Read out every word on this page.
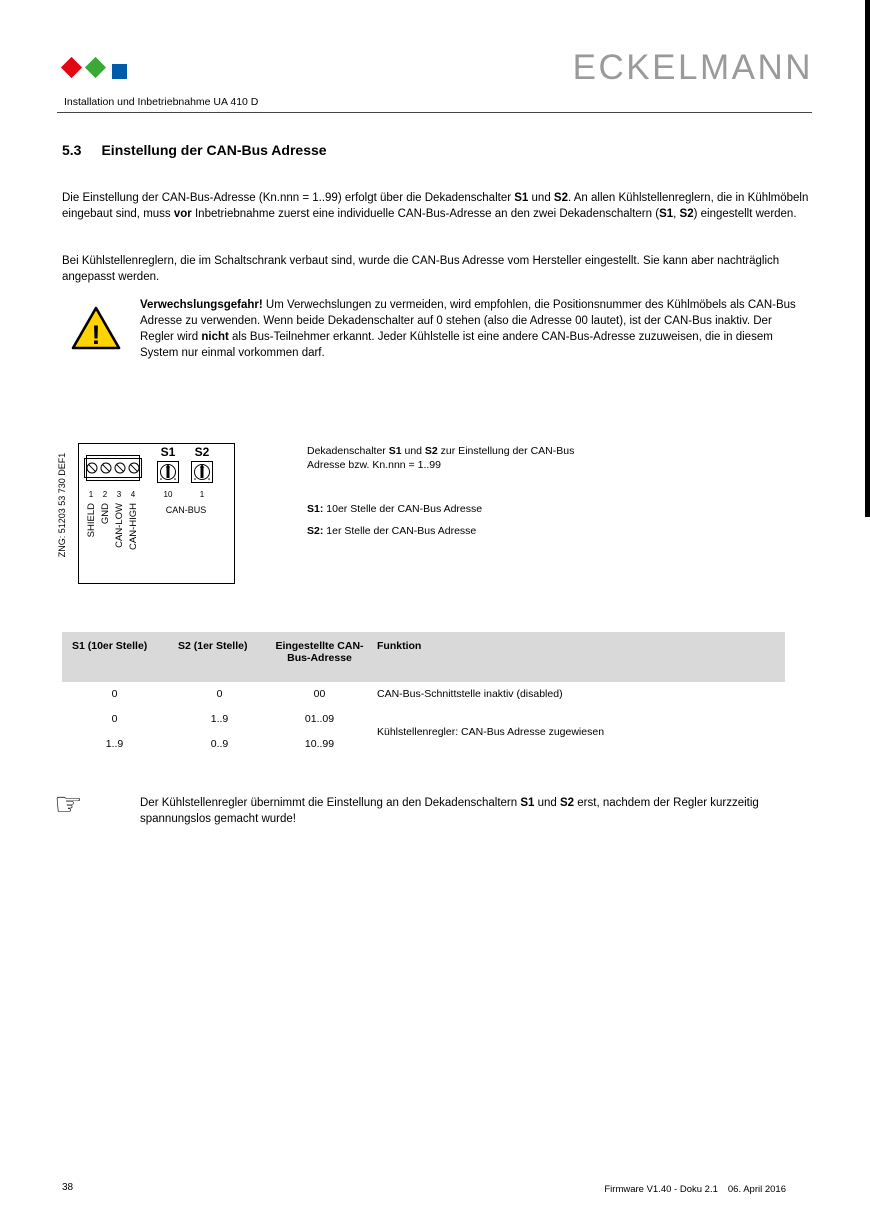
ECKELMANN
Installation und Inbetriebnahme UA 410 D
5.3 Einstellung der CAN-Bus Adresse

Die Einstellung der CAN-Bus-Adresse (Kn.nnn = 1..99) erfolgt über die Dekadenschalter S1 und S2. An allen Kühlstellenreglern, die in Kühlmöbeln eingebaut sind, muss vor Inbetriebnahme zuerst eine individuelle CAN-Bus-Adresse an den zwei Dekadenschaltern (S1, S2) eingestellt werden.

Bei Kühlstellenreglern, die im Schaltschrank verbaut sind, wurde die CAN-Bus Adresse vom Hersteller eingestellt. Sie kann aber nachträglich angepasst werden.

!

Verwechslungsgefahr! Um Verwechslungen zu vermeiden, wird empfohlen, die Positionsnummer des Kühlmöbels als CAN-Bus Adresse zu verwenden. Wenn beide Dekadenschalter auf 0 stehen (also die Adresse 00 lautet), ist der CAN-Bus inaktiv. Der Regler wird nicht als Bus-Teilnehmer erkannt. Jeder Kühlstelle ist eine andere CAN-Bus-Adresse zuzuweisen, die in diesem System nur einmal vorkommen darf.

ZNG: 51203 53 730 DEF1
S1 S2
1	2	3	4	10	1
CAN-BUS
SHIELD GND CAN-LOW CAN-HIGH

Dekadenschalter S1 und S2 zur Einstellung der CAN-Bus Adresse bzw. Kn.nnn = 1..99

S1: 10er Stelle der CAN-Bus Adresse

S2: 1er Stelle der CAN-Bus Adresse

S1 (10er Stelle)	S2 (1er Stelle)	Eingestellte CAN-Bus-Adresse	Funktion
0	0	00	CAN-Bus-Schnittstelle inaktiv (disabled)
0	1..9	01..09	Kühlstellenregler: CAN-Bus Adresse zugewiesen
1..9	0..9	10..99	
☞	Der Kühlstellenregler übernimmt die Einstellung an den Dekadenschaltern S1 und S2 erst, nachdem der Regler kurzzeitig spannungslos gemacht wurde!

38	Firmware V1.40 - Doku 2.1 06. April 2016
